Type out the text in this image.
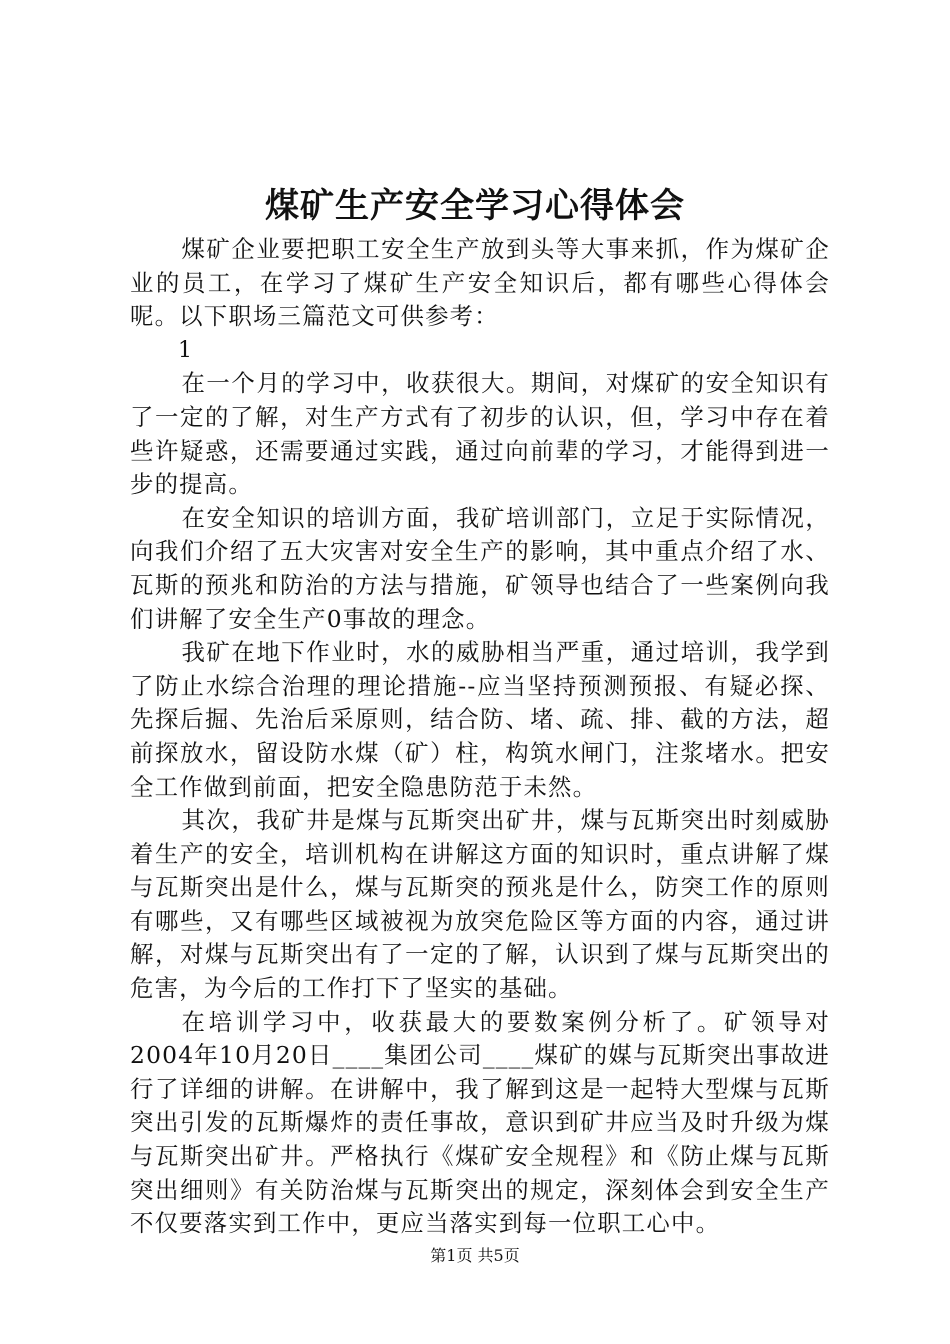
煤矿生产安全学习心得体会

煤矿企业要把职工安全生产放到头等大事来抓，作为煤矿企业的员工，在学习了煤矿生产安全知识后，都有哪些心得体会呢。以下职场三篇范文可供参考：

1

在一个月的学习中，收获很大。期间，对煤矿的安全知识有了一定的了解，对生产方式有了初步的认识，但，学习中存在着些许疑惑，还需要通过实践，通过向前辈的学习，才能得到进一步的提高。

在安全知识的培训方面，我矿培训部门，立足于实际情况，向我们介绍了五大灾害对安全生产的影响，其中重点介绍了水、瓦斯的预兆和防治的方法与措施，矿领导也结合了一些案例向我们讲解了安全生产0事故的理念。

我矿在地下作业时，水的威胁相当严重，通过培训，我学到了防止水综合治理的理论措施--应当坚持预测预报、有疑必探、先探后掘、先治后采原则，结合防、堵、疏、排、截的方法，超前探放水，留设防水煤（矿）柱，构筑水闸门，注浆堵水。把安全工作做到前面，把安全隐患防范于未然。

其次，我矿井是煤与瓦斯突出矿井，煤与瓦斯突出时刻威胁着生产的安全，培训机构在讲解这方面的知识时，重点讲解了煤与瓦斯突出是什么，煤与瓦斯突的预兆是什么，防突工作的原则有哪些，又有哪些区域被视为放突危险区等方面的内容，通过讲解，对煤与瓦斯突出有了一定的了解，认识到了煤与瓦斯突出的危害，为今后的工作打下了坚实的基础。

在培训学习中，收获最大的要数案例分析了。矿领导对2004年10月20日____集团公司____煤矿的媒与瓦斯突出事故进行了详细的讲解。在讲解中，我了解到这是一起特大型煤与瓦斯突出引发的瓦斯爆炸的责任事故，意识到矿井应当及时升级为煤与瓦斯突出矿井。严格执行《煤矿安全规程》和《防止煤与瓦斯突出细则》有关防治煤与瓦斯突出的规定，深刻体会到安全生产不仅要落实到工作中，更应当落实到每一位职工心中。

第1页 共5页
